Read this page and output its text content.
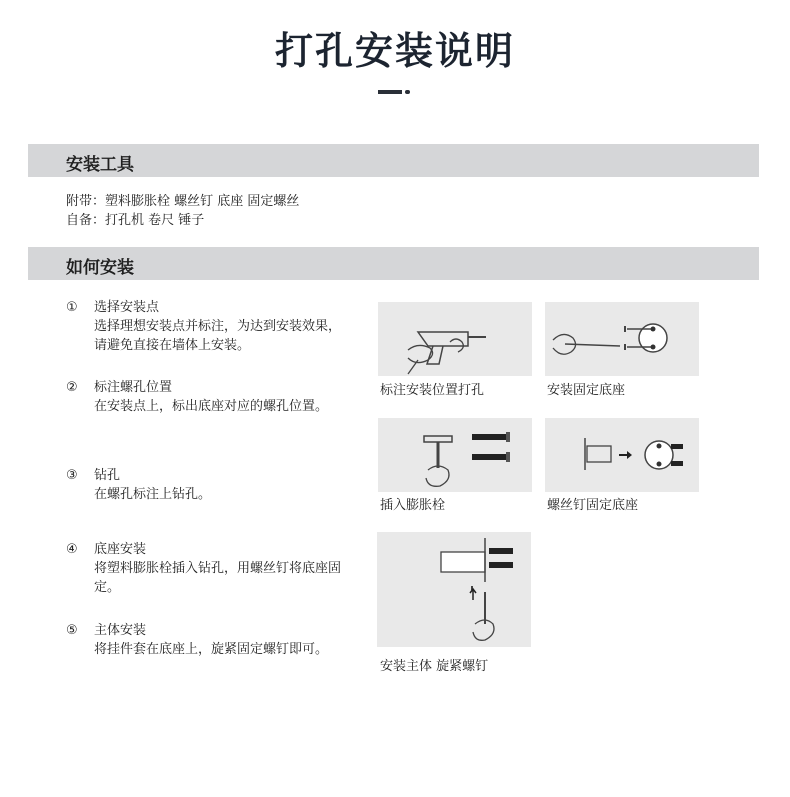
打孔安装说明
安装工具
附带：塑料膨胀栓 螺丝钉 底座 固定螺丝
自备：打孔机 卷尺 锤子
如何安装
① 选择安装点
选择理想安装点并标注，为达到安装效果，请避免直接在墙体上安装。
② 标注螺孔位置
在安装点上，标出底座对应的螺孔位置。
③ 钻孔
在螺孔标注上钻孔。
④ 底座安装
将塑料膨胀栓插入钻孔，用螺丝钉将底座固定。
⑤ 主体安装
将挂件套在底座上，旋紧固定螺钉即可。
标注安装位置打孔	安装固定底座
插入膨胀栓	螺丝钉固定底座
安装主体 旋紧螺钉
